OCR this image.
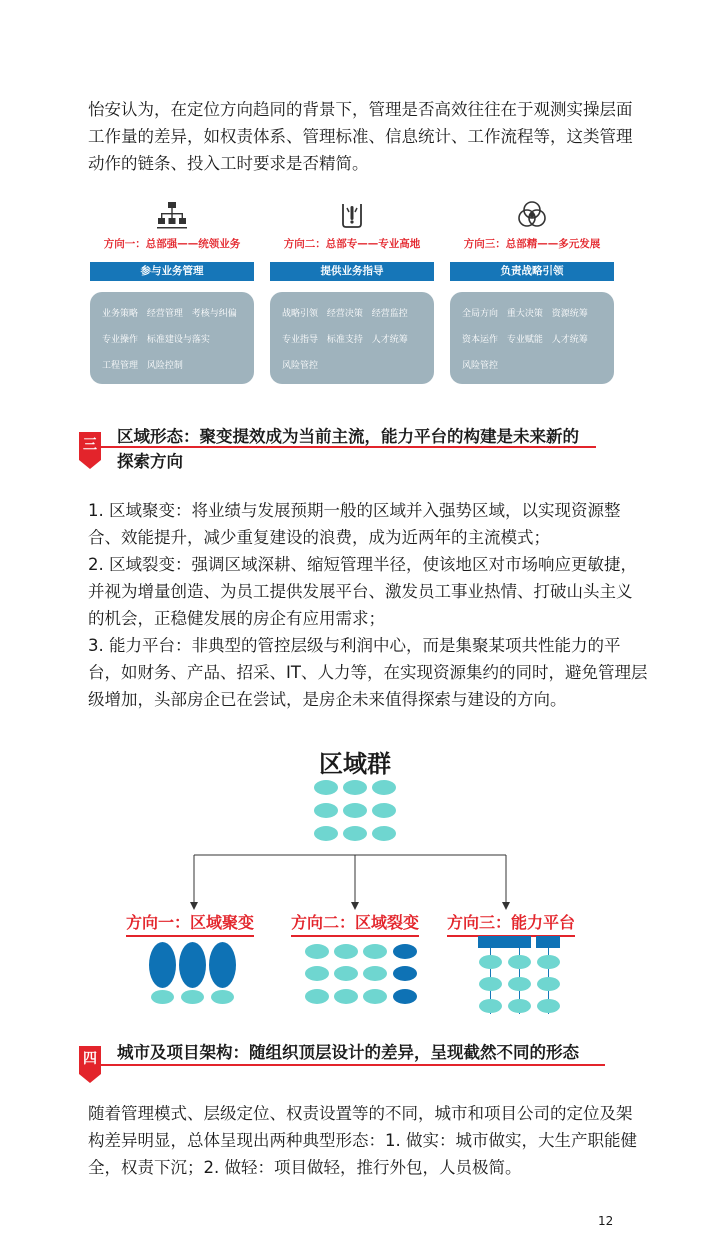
怡安认为，在定位方向趋同的背景下，管理是否高效往往在于观测实操层面工作量的差异，如权责体系、管理标准、信息统计、工作流程等，这类管理动作的链条、投入工时要求是否精简。

方向一：总部强——统领业务
参与业务管理
业务策略 经营管理 考核与纠偏
专业操作 标准建设与落实
工程管理 风险控制
方向二：总部专——专业高地
提供业务指导
战略引领 经营决策 经营监控
专业指导 标准支持 人才统筹
风险管控
方向三：总部精——多元发展
负责战略引领
全局方向 重大决策 资源统筹
资本运作 专业赋能 人才统筹
风险管控
三 区域形态：聚变提效成为当前主流，能力平台的构建是未来新的
探索方向

1. 区域聚变：将业绩与发展预期一般的区域并入强势区域，以实现资源整合、效能提升，减少重复建设的浪费，成为近两年的主流模式；

2. 区域裂变：强调区域深耕、缩短管理半径，使该地区对市场响应更敏捷，并视为增量创造、为员工提供发展平台、激发员工事业热情、打破山头主义的机会，正稳健发展的房企有应用需求；

3. 能力平台：非典型的管控层级与利润中心，而是集聚某项共性能力的平台，如财务、产品、招采、IT、人力等，在实现资源集约的同时，避免管理层级增加，头部房企已在尝试，是房企未来值得探索与建设的方向。

区域群
方向一：区域聚变 方向二：区域裂变 方向三：能力平台
四 城市及项目架构：随组织顶层设计的差异，呈现截然不同的形态

随着管理模式、层级定位、权责设置等的不同，城市和项目公司的定位及架构差异明显，总体呈现出两种典型形态：1. 做实：城市做实，大生产职能健全，权责下沉；2. 做轻：项目做轻，推行外包，人员极简。

12
